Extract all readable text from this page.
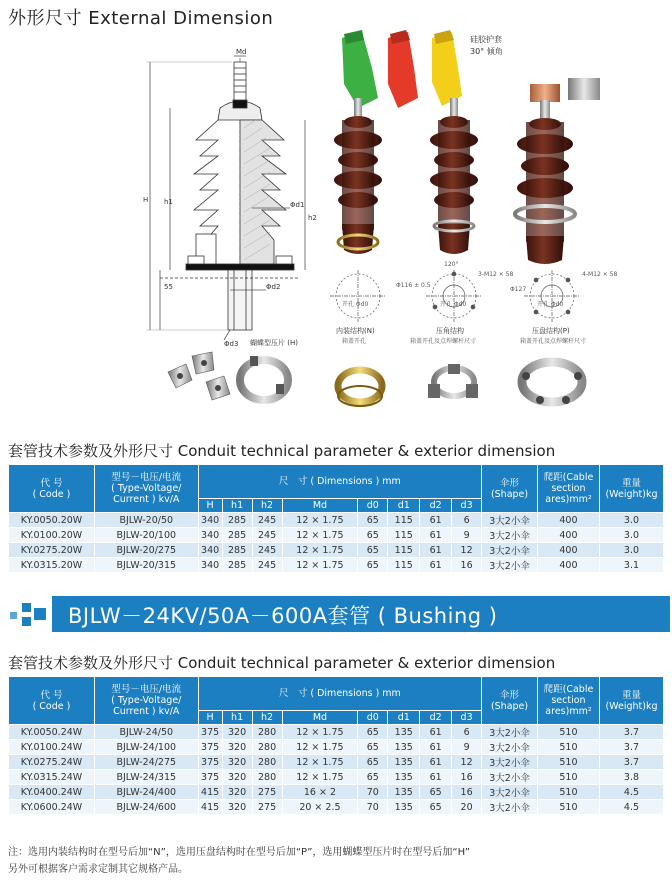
外形尺寸 External Dimension
Md
H h1
h2
Φd1
Φd2
Φd3
55
蝴蝶型压片 (H)
硅胶护套
30° 倾角
120°
Φ116 ± 0.5
3-M12 × 58
Φ127
4-M12 × 58
开孔 Φd0	开孔 Φd0	开孔 Φd0
内装结构(N)
箱盖开孔
压角结构
箱盖开孔及点焊螺杆尺寸
压盘结构(P)
箱盖开孔及点焊螺杆尺寸
套管技术参数及外形尺寸 Conduit technical parameter & exterior dimension
代 号
( Code )	型号－电压/电流
( Type-Voltage/
Current ) kv/A	尺　寸 ( Dimensions ) mm								伞形
(Shape)	爬距(Cable
section
ares)mm²	重量
(Weight)kg
		H	h1	h2	Md	d0	d1	d2	d3			
KY.0050.20W	BJLW-20/50	340	285	245	12 × 1.75	65	115	61	6	3大2小伞	400	3.0
KY.0100.20W	BJLW-20/100	340	285	245	12 × 1.75	65	115	61	9	3大2小伞	400	3.0
KY.0275.20W	BJLW-20/275	340	285	245	12 × 1.75	65	115	61	12	3大2小伞	400	3.0
KY.0315.20W	BJLW-20/315	340	285	245	12 × 1.75	65	115	61	16	3大2小伞	400	3.1
BJLW－24KV/50A－600A套管 ( Bushing )
套管技术参数及外形尺寸 Conduit technical parameter & exterior dimension
代 号
( Code )	型号－电压/电流
( Type-Voltage/
Current ) kv/A	尺　寸 ( Dimensions ) mm								伞形
(Shape)	爬距(Cable
section
ares)mm²	重量
(Weight)kg
		H	h1	h2	Md	d0	d1	d2	d3			
KY.0050.24W	BJLW-24/50	375	320	280	12 × 1.75	65	135	61	6	3大2小伞	510	3.7
KY.0100.24W	BJLW-24/100	375	320	280	12 × 1.75	65	135	61	9	3大2小伞	510	3.7
KY.0275.24W	BJLW-24/275	375	320	280	12 × 1.75	65	135	61	12	3大2小伞	510	3.7
KY.0315.24W	BJLW-24/315	375	320	280	12 × 1.75	65	135	61	16	3大2小伞	510	3.8
KY.0400.24W	BJLW-24/400	415	320	275	16 × 2	70	135	65	16	3大2小伞	510	4.5
KY.0600.24W	BJLW-24/600	415	320	275	20 × 2.5	70	135	65	20	3大2小伞	510	4.5
注：选用内装结构时在型号后加“N”，选用压盘结构时在型号后加“P”，选用蝴蝶型压片时在型号后加“H”
另外可根据客户需求定制其它规格产品。
